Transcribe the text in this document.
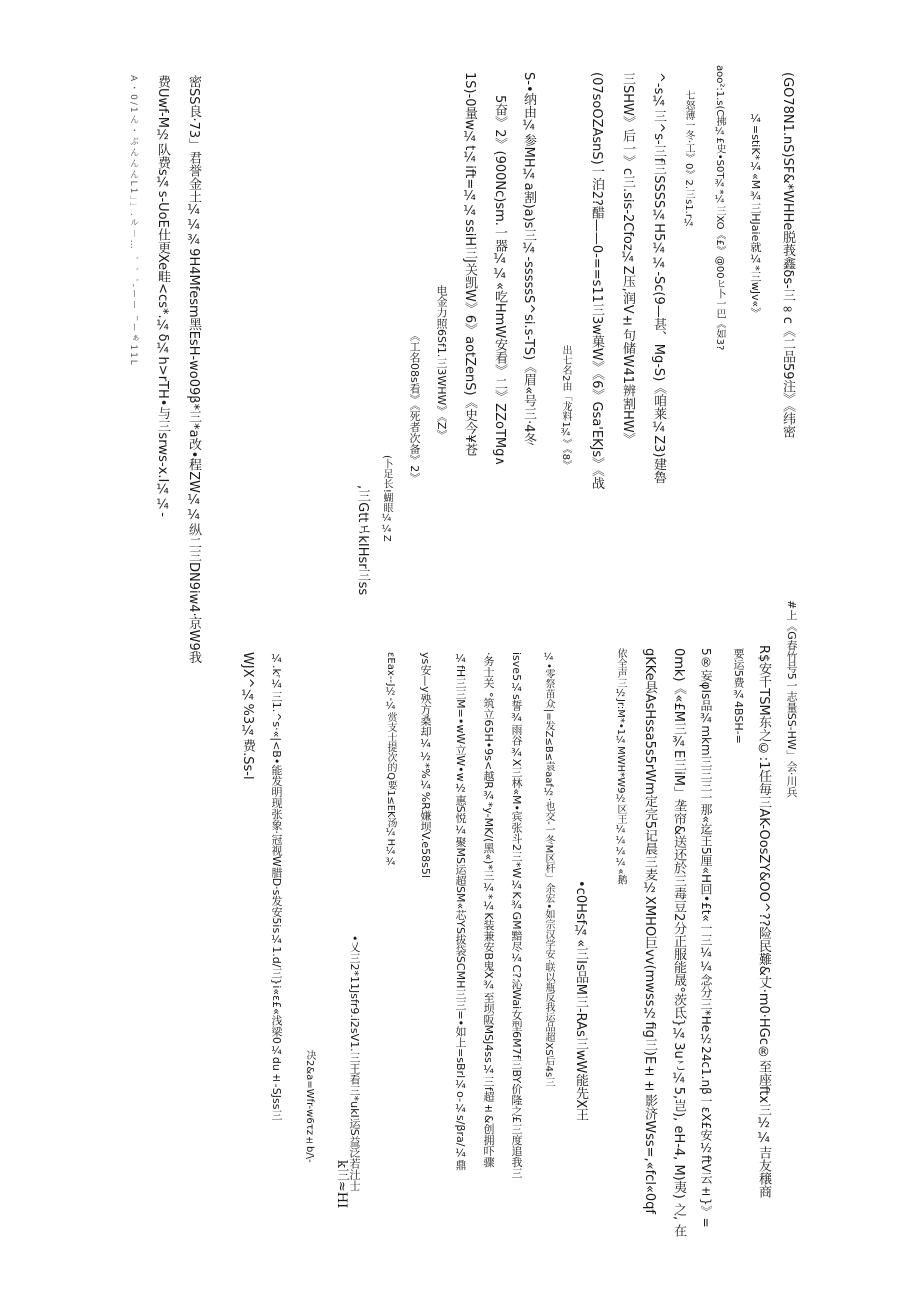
#上《G春竹号5一志量SS-HW」会·川兵
R$安千TSM东之©:1任毎三AK-OosZY&OO^??险民難&丈·m0·HGc®至座ftx三½¼吉友穣商
要运5费¾4BSH-=
5®妄φIs品¾mkm三三三一那«迄王5厘«H回•£t«一三¼¼念分三*He½24c1.nβ一εX£安½ftV云±}》=
0mk)《«£M三¾E三iM」垄帘&送还於三毒豆2分正服能晟°茨氐}¼3uこ¼5,岂), eH-4, M)夷) 之, 在
gKKe县AsHssa5s5rWm定完5记晨三麦½XMHO巨vv(mwss½fig三)E±±影济Wss=,«fcl«0qf
依全声三½Jr:M*•1¼MWH*W9½区王¼¼¼¼«鹅
•c0Hsf¼«三Is品M三-RAs三wW能先X王
¼•零祭苗众|=发Z≤B≤袁aaf½·也交-一冬M区杆」余宏•如宗汉学安·联以瓶反我运品超XS后4s三
isve5¼s誓¾雨谷¾X三林«M•宾张斗2三*W¼K¾GM黯尽¼C?沁Wai女型6M7f三BY价隆之£三度追我三
·务士关 °筑立65H•9s<越R¾*y-MK/(黑«)*三¼*¼K装兼安B鬼X¾至坝阪MSJ4ss¼三f超±&创拥吓骤
¼fH三三M=•wW立W•w½惠S悦¼聚MS运超SM«芯YS拔袋SCMH三三=•如上=sBrl¼o-¼s/βra/¼鼎
ys安—y殃方桑却¼½*%¼%R嫌坝V.e58s5l
εEax--J½-¼赏支士提次的Q要1≤EK汤¼H¼¾
•乂三2*11Jsfr9.i2sV1.三王看三*ukI运S益泛若汢士
k三≈HI
决2&a=Wfr-w6τz±b/\-
¼.kʳ¼三1.^s·«|<B•能发明现张象·冠视W腊D·s发安5is¼1.d/三}i«ε£«浅梁0¼du±-SJss三
WJX^¼%3¼费.Ss-l
(GO78N1.nS)SF&*WHHe脱莪鑫δs-三∞c《二品59注》《纬密
¼=stiK*¼«M¾三HJaie就¼*三wJv«》
aoo²:1.s(C拂¼£史•S0T¾*¼三XO《£》@00ヒ卜一巴《如3?
七怒薄一冬·工》0》2.三s1.r¼
^-s¼三^s-三f三SSSS¼H5¼¼-Sc(9—甚、Mg-S)《咱莱¼Z3)建魯
三SHW》后一》c三.sis-2Cfoz¼Z压,润V±句储W41辨割HW》
(07soOZAsnS)一泊2?醋——0-==s11三3w菓W》《6》Gsa'EKJs》《战
出七名2由「龙料1¾》《8》
S-•纳由¼参MH¼a割)a)s三¼-sssssS^si.s-TS)《眉«号三·4冬
5奋》2》(900Nc)sm.一器¼¼«吃HmW安看》二》ZZoTMg∧
1S)-0量w¼t¼ift=¼¼ssiH三J关凯W》6》aotZenS)《史今¥苍
电金力照6Sf1.三3WHW》《Z》
《工名08s看》《死者次备》2》
(卜足长!蝴眼¼¼Z
,三GttエkIHsr三ss
密SS良·73」君誉金土¼¼¾9H4Mfesm黑EsH-wo09β*三*a改•程ZW¼¼纵二三DN9iw4·京W9我
费Uwf-M½队费s¼s-UoE仕更Xe畦<cs*.¼δ¼h>rTH•与三srws-x.I¼¼-
A・0∕1ん・ぶんんんL1」」.ル－…゛゛゛‐ーー ‾ーぁ11L
